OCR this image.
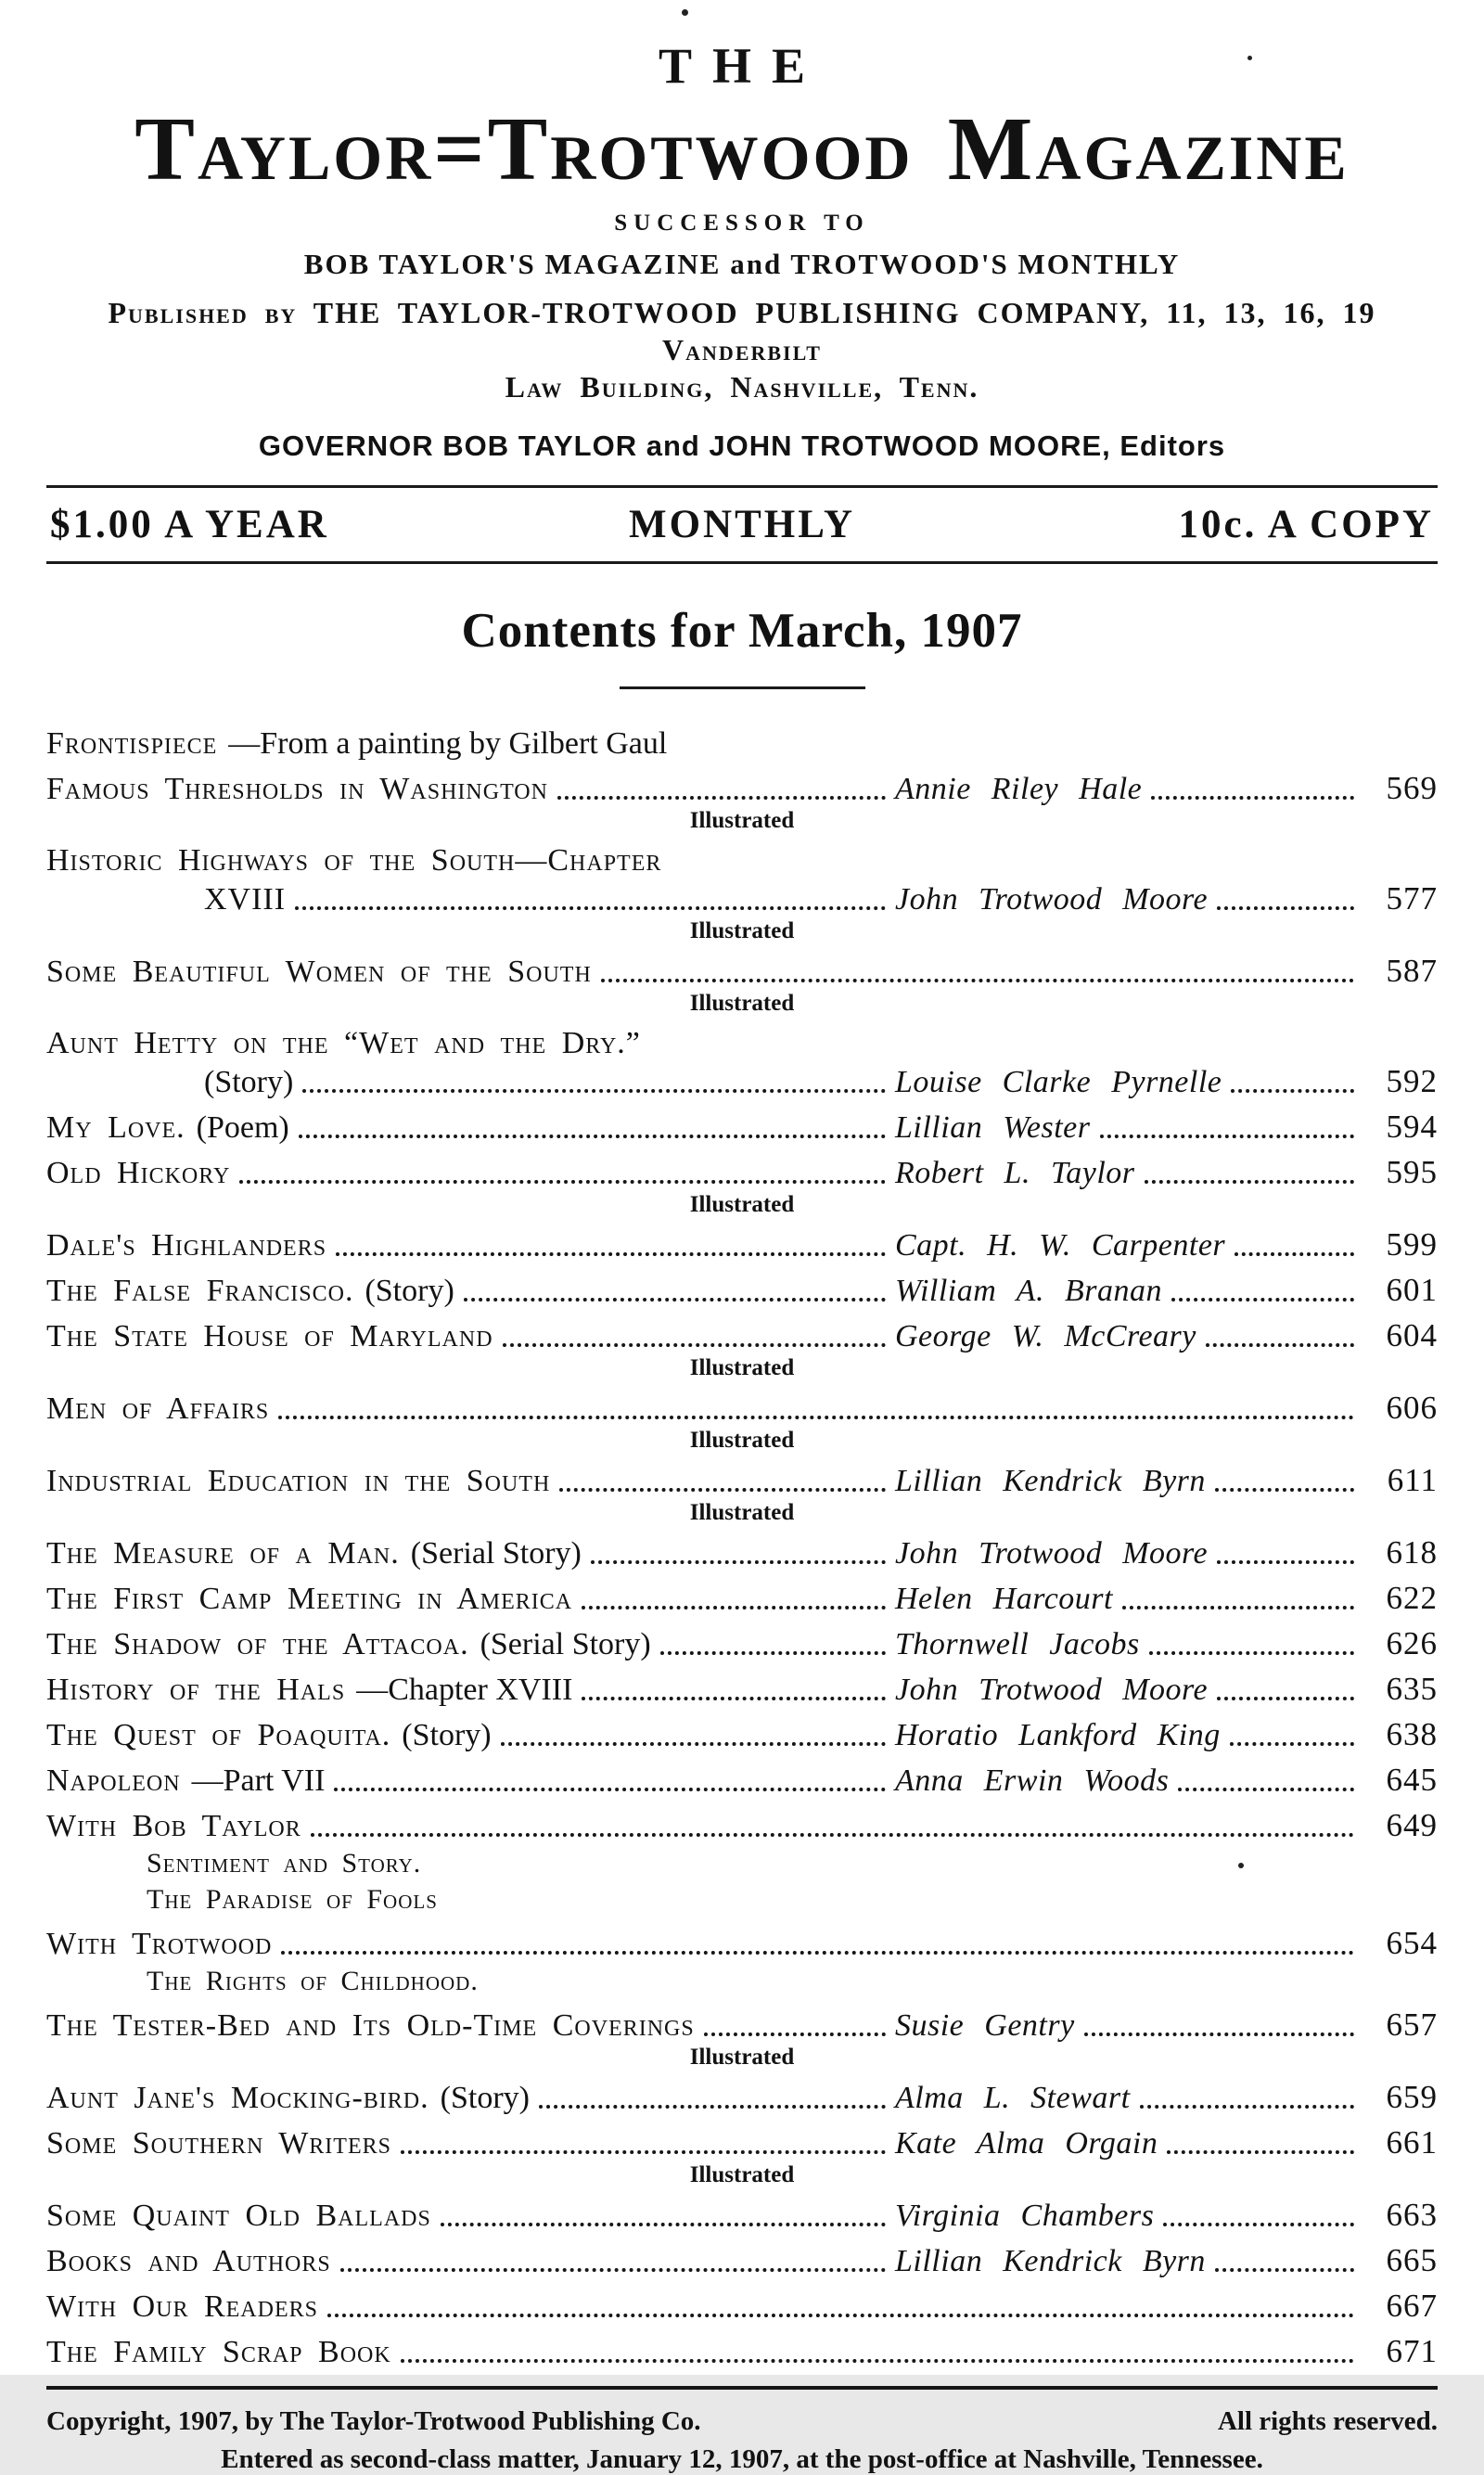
THE
Taylor=Trotwood Magazine
SUCCESSOR TO
BOB TAYLOR'S MAGAZINE and TROTWOOD'S MONTHLY
Published by THE TAYLOR-TROTWOOD PUBLISHING COMPANY, 11, 13, 16, 19 Vanderbilt
Law Building, Nashville, Tenn.
GOVERNOR BOB TAYLOR and JOHN TROTWOOD MOORE, Editors
$1.00 A YEAR	MONTHLY	10c. A COPY
Contents for March, 1907
Frontispiece —From a painting by Gilbert Gaul
Famous Thresholds in Washington	Annie Riley Hale	569
Illustrated
Historic Highways of the South—Chapter
XVIII	John Trotwood Moore	577
Illustrated
Some Beautiful Women of the South	587
Illustrated
Aunt Hetty on the “Wet and the Dry.”
(Story)	Louise Clarke Pyrnelle	592
My Love. (Poem)	Lillian Wester	594
Old Hickory	Robert L. Taylor	595
Illustrated
Dale's Highlanders	Capt. H. W. Carpenter	599
The False Francisco. (Story)	William A. Branan	601
The State House of Maryland	George W. McCreary	604
Illustrated
Men of Affairs	606
Illustrated
Industrial Education in the South	Lillian Kendrick Byrn	611
Illustrated
The Measure of a Man. (Serial Story)	John Trotwood Moore	618
The First Camp Meeting in America	Helen Harcourt	622
The Shadow of the Attacoa. (Serial Story)	Thornwell Jacobs	626
History of the Hals —Chapter XVIII	John Trotwood Moore	635
The Quest of Poaquita. (Story)	Horatio Lankford King	638
Napoleon —Part VII	Anna Erwin Woods	645
With Bob Taylor	649
Sentiment and Story.
The Paradise of Fools
With Trotwood	654
The Rights of Childhood.
The Tester-Bed and Its Old-Time Coverings	Susie Gentry	657
Illustrated
Aunt Jane's Mocking-bird. (Story)	Alma L. Stewart	659
Some Southern Writers	Kate Alma Orgain	661
Illustrated
Some Quaint Old Ballads	Virginia Chambers	663
Books and Authors	Lillian Kendrick Byrn	665
With Our Readers	667
The Family Scrap Book	671
Copyright, 1907, by The Taylor-Trotwood Publishing Co.	All rights reserved.
Entered as second-class matter, January 12, 1907, at the post-office at Nashville, Tennessee.
